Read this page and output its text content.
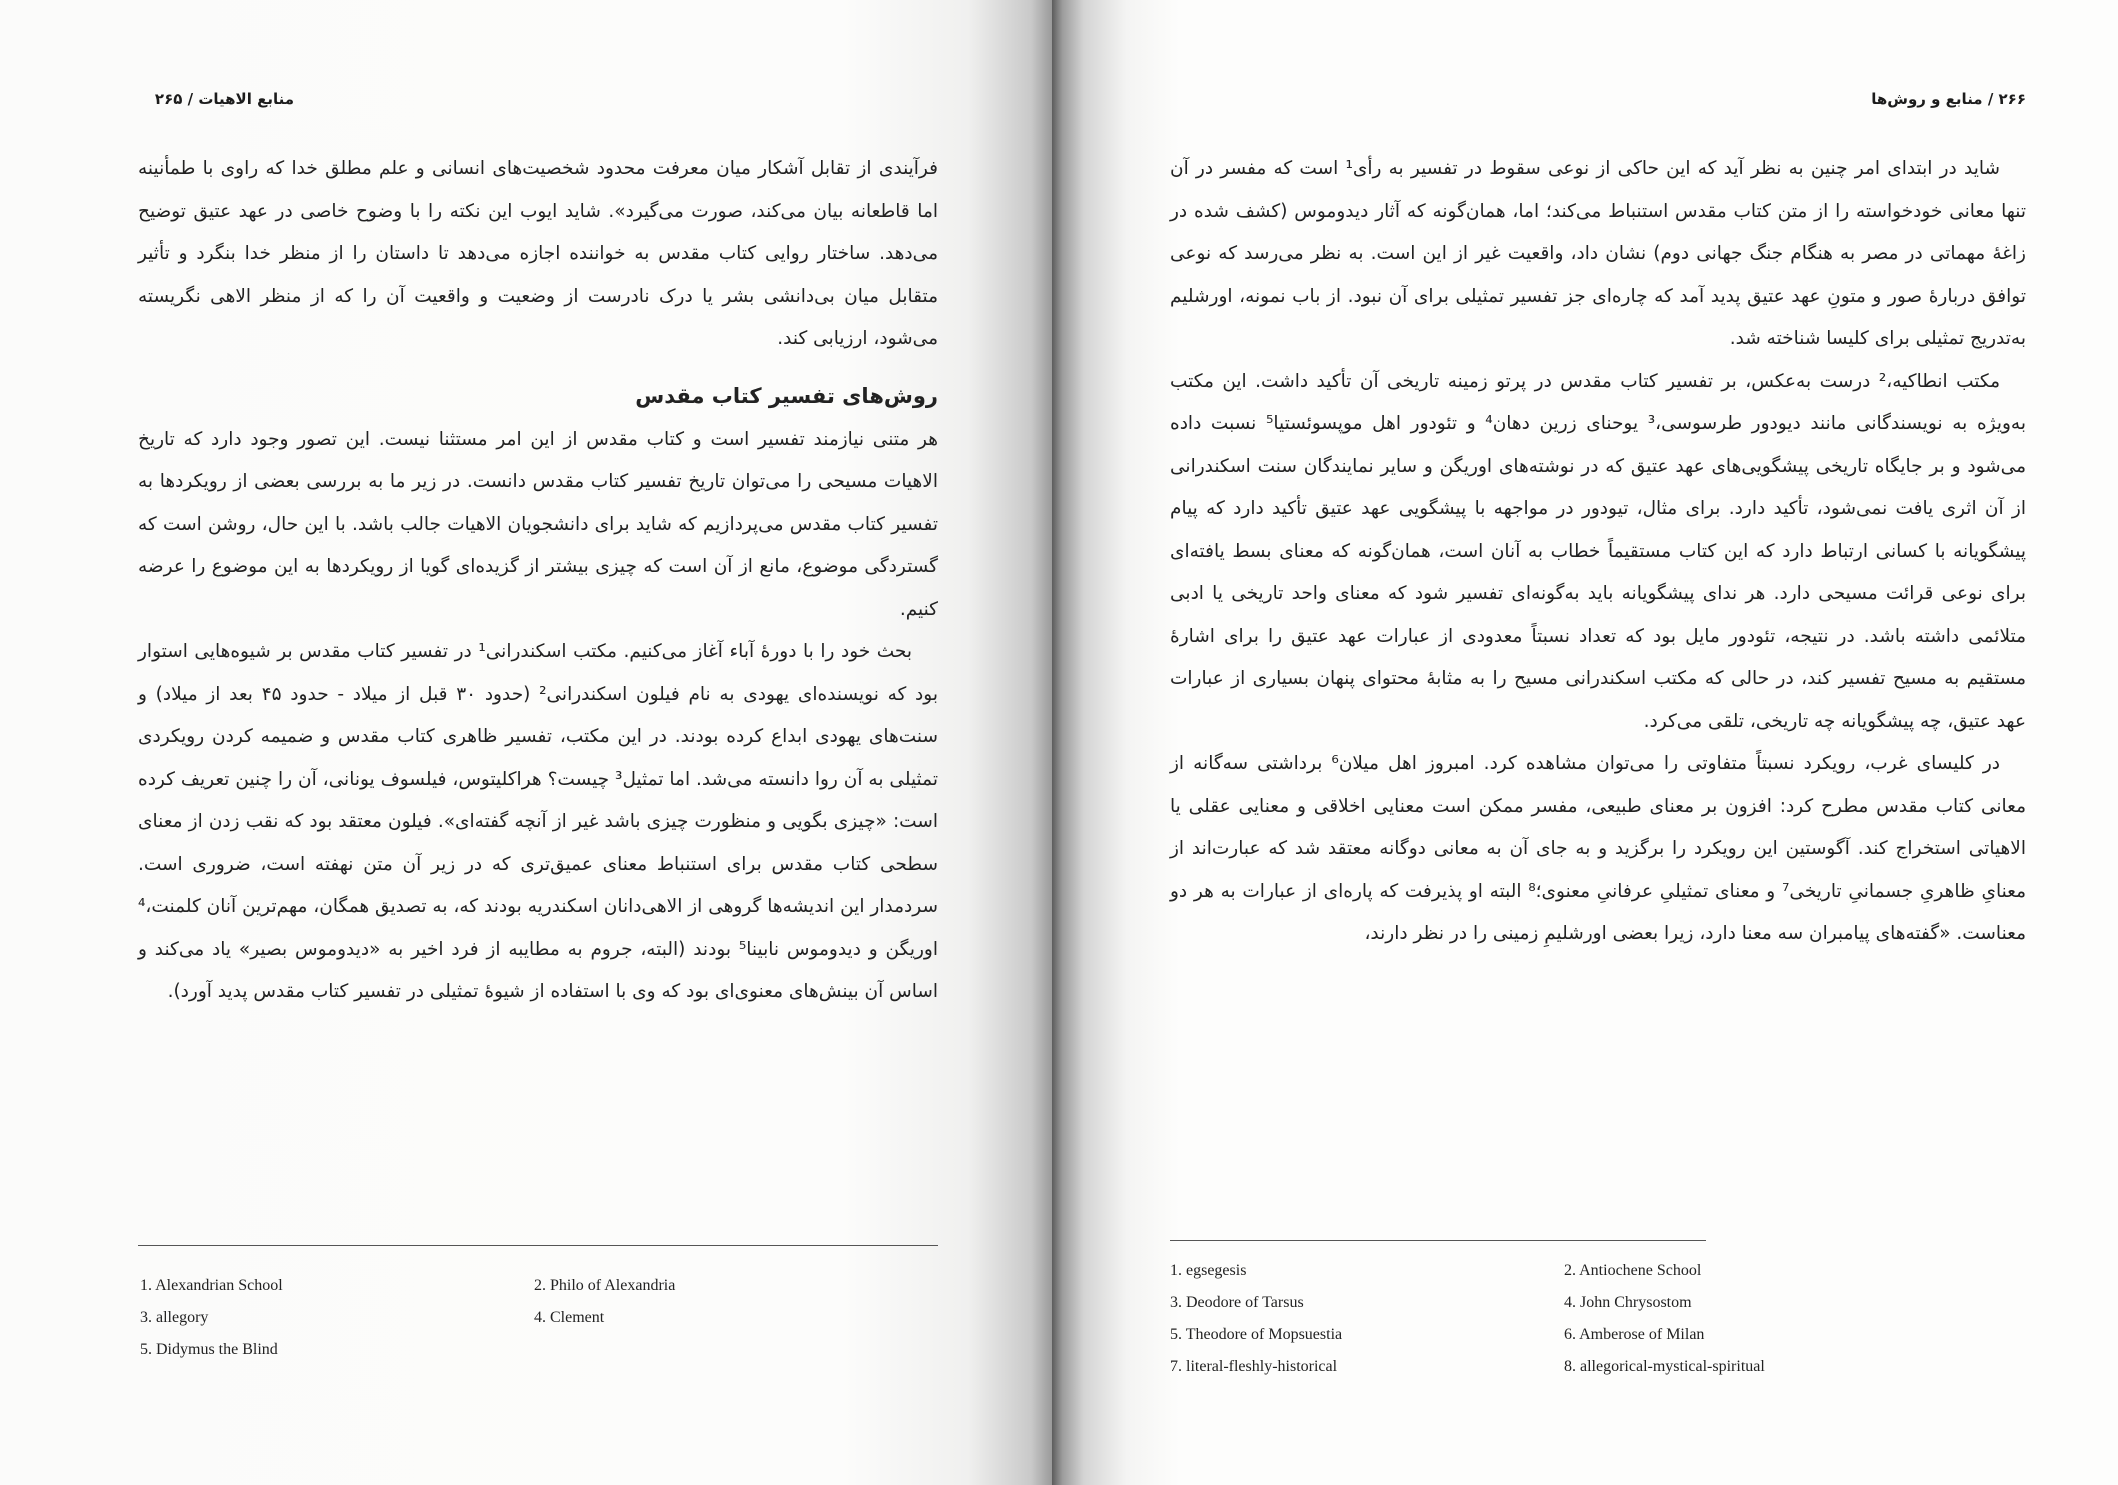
منابع الاهیات / ۲۶۵

فرآیندی از تقابل آشکار میان معرفت محدود شخصیت‌های انسانی و علم مطلق خدا که راوی با طمأنینه اما قاطعانه بیان می‌کند، صورت می‌گیرد». شاید ایوب این نکته را با وضوح خاصی در عهد عتیق توضیح می‌دهد. ساختار روایی کتاب مقدس به خواننده اجازه می‌دهد تا داستان را از منظر خدا بنگرد و تأثیر متقابل میان بی‌دانشی بشر یا درک نادرست از وضعیت و واقعیت آن را که از منظر الاهی نگریسته می‌شود، ارزیابی کند.

روش‌های تفسیر کتاب مقدس

هر متنی نیازمند تفسیر است و کتاب مقدس از این امر مستثنا نیست. این تصور وجود دارد که تاریخ الاهیات مسیحی را می‌توان تاریخ تفسیر کتاب مقدس دانست. در زیر ما به بررسی بعضی از رویکردها به تفسیر کتاب مقدس می‌پردازیم که شاید برای دانشجویان الاهیات جالب باشد. با این حال، روشن است که گستردگی موضوع، مانع از آن است که چیزی بیشتر از گزیده‌ای گویا از رویکردها به این موضوع را عرضه کنیم.

بحث خود را با دورهٔ آباء آغاز می‌کنیم. مکتب اسکندرانی¹ در تفسیر کتاب مقدس بر شیوه‌هایی استوار بود که نویسنده‌ای یهودی به نام فیلون اسکندرانی² (حدود ۳۰ قبل از میلاد - حدود ۴۵ بعد از میلاد) و سنت‌های یهودی ابداع کرده بودند. در این مکتب، تفسیر ظاهری کتاب مقدس و ضمیمه کردن رویکردی تمثیلی به آن روا دانسته می‌شد. اما تمثیل³ چیست؟ هراکلیتوس، فیلسوف یونانی، آن را چنین تعریف کرده است: «چیزی بگویی و منظورت چیزی باشد غیر از آنچه گفته‌ای». فیلون معتقد بود که نقب زدن از معنای سطحی کتاب مقدس برای استنباط معنای عمیق‌تری که در زیر آن متن نهفته است، ضروری است. سردمدار این اندیشه‌ها گروهی از الاهی‌دانان اسکندریه بودند که، به تصدیق همگان، مهم‌ترین آنان کلمنت،⁴ اوریگن و دیدوموس نابینا⁵ بودند (البته، جروم به مطایبه از فرد اخیر به «دیدوموس بصیر» یاد می‌کند و اساس آن بینش‌های معنوی‌ای بود که وی با استفاده از شیوهٔ تمثیلی در تفسیر کتاب مقدس پدید آورد).

1. Alexandrian School	2. Philo of Alexandria
3. allegory	4. Clement
5. Didymus the Blind
۲۶۶ / منابع و روش‌ها

شاید در ابتدای امر چنین به نظر آید که این حاکی از نوعی سقوط در تفسیر به رأی¹ است که مفسر در آن تنها معانی خودخواسته را از متن کتاب مقدس استنباط می‌کند؛ اما، همان‌گونه که آثار دیدوموس (کشف شده در زاغهٔ مهماتی در مصر به هنگام جنگ جهانی دوم) نشان داد، واقعیت غیر از این است. به نظر می‌رسد که نوعی توافق دربارهٔ صور و متونِ عهد عتیق پدید آمد که چاره‌ای جز تفسیر تمثیلی برای آن نبود. از باب نمونه، اورشلیم به‌تدریج تمثیلی برای کلیسا شناخته شد.

مکتب انطاکیه،² درست به‌عکس، بر تفسیر کتاب مقدس در پرتو زمینه تاریخی آن تأکید داشت. این مکتب به‌ویژه به نویسندگانی مانند دیودور طرسوسی،³ یوحنای زرین دهان⁴ و تئودور اهل موپسوئستیا⁵ نسبت داده می‌شود و بر جایگاه تاریخی پیشگویی‌های عهد عتیق که در نوشته‌های اوریگن و سایر نمایندگان سنت اسکندرانی از آن اثری یافت نمی‌شود، تأکید دارد. برای مثال، تیودور در مواجهه با پیشگویی عهد عتیق تأکید دارد که پیام پیشگویانه با کسانی ارتباط دارد که این کتاب مستقیماً خطاب به آنان است، همان‌گونه که معنای بسط یافته‌ای برای نوعی قرائت مسیحی دارد. هر ندای پیشگویانه باید به‌گونه‌ای تفسیر شود که معنای واحد تاریخی یا ادبی متلائمی داشته باشد. در نتیجه، تئودور مایل بود که تعداد نسبتاً معدودی از عبارات عهد عتیق را برای اشارهٔ مستقیم به مسیح تفسیر کند، در حالی که مکتب اسکندرانی مسیح را به مثابهٔ محتوای پنهان بسیاری از عبارات عهد عتیق، چه پیشگویانه چه تاریخی، تلقی می‌کرد.

در کلیسای غرب، رویکرد نسبتاً متفاوتی را می‌توان مشاهده کرد. امبروز اهل میلان⁶ برداشتی سه‌گانه از معانی کتاب مقدس مطرح کرد: افزون بر معنای طبیعی، مفسر ممکن است معنایی اخلاقی و معنایی عقلی یا الاهیاتی استخراج کند. آگوستین این رویکرد را برگزید و به جای آن به معانی دوگانه معتقد شد که عبارت‌اند از معنایِ ظاهریِ جسمانیِ تاریخی⁷ و معنای تمثیلیِ عرفانیِ معنوی؛⁸ البته او پذیرفت که پاره‌ای از عبارات به هر دو معناست. «گفته‌های پیامبران سه معنا دارد، زیرا بعضی اورشلیمِ زمینی را در نظر دارند،

1. egsegesis	2. Antiochene School
3. Deodore of Tarsus	4. John Chrysostom
5. Theodore of Mopsuestia	6. Amberose of Milan
7. literal-fleshly-historical	8. allegorical-mystical-spiritual
